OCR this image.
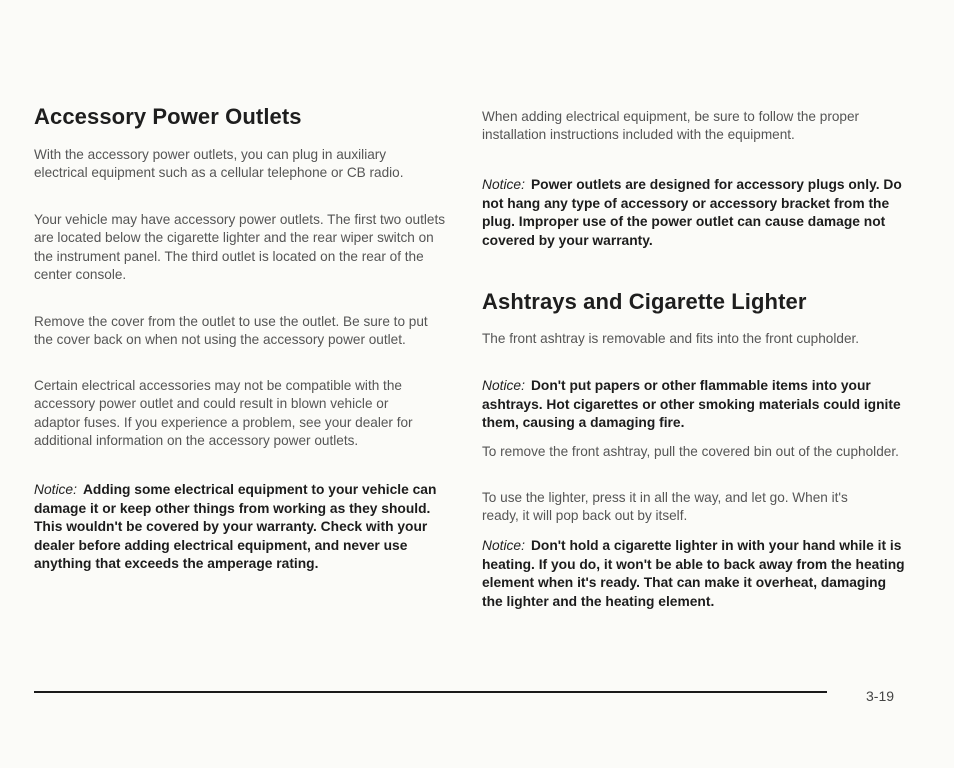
Accessory Power Outlets

With the accessory power outlets, you can plug in auxiliary electrical equipment such as a cellular telephone or CB radio.

Your vehicle may have accessory power outlets. The first two outlets are located below the cigarette lighter and the rear wiper switch on the instrument panel. The third outlet is located on the rear of the center console.

Remove the cover from the outlet to use the outlet. Be sure to put the cover back on when not using the accessory power outlet.

Certain electrical accessories may not be compatible with the accessory power outlet and could result in blown vehicle or adaptor fuses. If you experience a problem, see your dealer for additional information on the accessory power outlets.

Notice: Adding some electrical equipment to your vehicle can damage it or keep other things from working as they should. This wouldn't be covered by your warranty. Check with your dealer before adding electrical equipment, and never use anything that exceeds the amperage rating.

When adding electrical equipment, be sure to follow the proper installation instructions included with the equipment.

Notice: Power outlets are designed for accessory plugs only. Do not hang any type of accessory or accessory bracket from the plug. Improper use of the power outlet can cause damage not covered by your warranty.

Ashtrays and Cigarette Lighter

The front ashtray is removable and fits into the front cupholder.

Notice: Don't put papers or other flammable items into your ashtrays. Hot cigarettes or other smoking materials could ignite them, causing a damaging fire.

To remove the front ashtray, pull the covered bin out of the cupholder.

To use the lighter, press it in all the way, and let go. When it's ready, it will pop back out by itself.

Notice: Don't hold a cigarette lighter in with your hand while it is heating. If you do, it won't be able to back away from the heating element when it's ready. That can make it overheat, damaging the lighter and the heating element.

3-19
